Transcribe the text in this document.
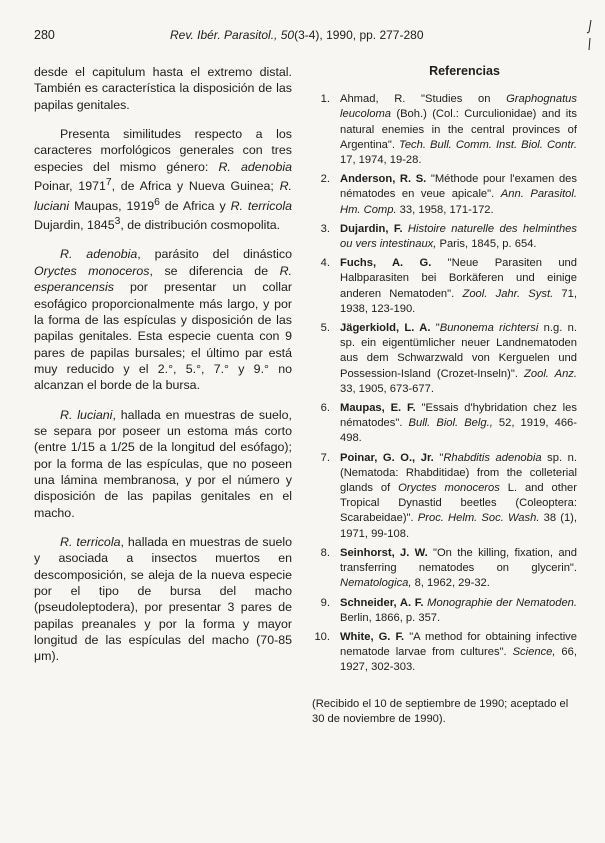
280	Rev. Ibér. Parasitol., 50(3-4), 1990, pp. 277-280

desde el capitulum hasta el extremo distal. También es característica la disposición de las papilas genitales.

Presenta similitudes respecto a los caracteres morfológicos generales con tres especies del mismo género: R. adenobia Poinar, 1971$^7$, de Africa y Nueva Guinea; R. luciani Maupas, 1919$^6$ de Africa y R. terricola Dujardin, 1845$^3$, de distribución cosmopolita.

R. adenobia, parásito del dinástico Oryctes monoceros, se diferencia de R. esperancensis por presentar un collar esofágico proporcionalmente más largo, y por la forma de las espículas y disposición de las papilas genitales. Esta especie cuenta con 9 pares de papilas bursales; el último par está muy reducido y el 2.°, 5.°, 7.° y 9.° no alcanzan el borde de la bursa.

R. luciani, hallada en muestras de suelo, se separa por poseer un estoma más corto (entre 1/15 a 1/25 de la longitud del esófago); por la forma de las espículas, que no poseen una lámina membranosa, y por el número y disposición de las papilas genitales en el macho.

R. terricola, hallada en muestras de suelo y asociada a insectos muertos en descomposición, se aleja de la nueva especie por el tipo de bursa del macho (pseudoleptodera), por presentar 3 pares de papilas preanales y por la forma y mayor longitud de las espículas del macho (70-85 μm).

Referencias
1. Ahmad, R. "Studies on Graphognatus leucoloma (Boh.) (Col.: Curculionidae) and its natural enemies in the central provinces of Argentina". Tech. Bull. Comm. Inst. Biol. Contr. 17, 1974, 19-28.
2. Anderson, R. S. "Méthode pour l'examen des nématodes en veue apicale". Ann. Parasitol. Hm. Comp. 33, 1958, 171-172.
3. Dujardin, F. Histoire naturelle des helminthes ou vers intestinaux, Paris, 1845, p. 654.
4. Fuchs, A. G. "Neue Parasiten und Halbparasiten bei Borkäferen und einige anderen Nematoden". Zool. Jahr. Syst. 71, 1938, 123-190.
5. Jägerkiold, L. A. "Bunonema richtersi n.g. n. sp. ein eigentümlicher neuer Landnematoden aus dem Schwarzwald von Kerguelen und Possession-Island (Crozet-Inseln)". Zool. Anz. 33, 1905, 673-677.
6. Maupas, E. F. "Essais d'hybridation chez les nématodes". Bull. Biol. Belg., 52, 1919, 466-498.
7. Poinar, G. O., Jr. "Rhabditis adenobia sp. n. (Nematoda: Rhabditidae) from the colleterial glands of Oryctes monoceros L. and other Tropical Dynastid beetles (Coleoptera: Scarabeidae)". Proc. Helm. Soc. Wash. 38 (1), 1971, 99-108.
8. Seinhorst, J. W. "On the killing, fixation, and transferring nematodes on glycerin". Nematologica, 8, 1962, 29-32.
9. Schneider, A. F. Monographie der Nematoden. Berlin, 1866, p. 357.
10. White, G. F. "A method for obtaining infective nematode larvae from cultures". Science, 66, 1927, 302-303.
(Recibido el 10 de septiembre de 1990; aceptado el 30 de noviembre de 1990).
